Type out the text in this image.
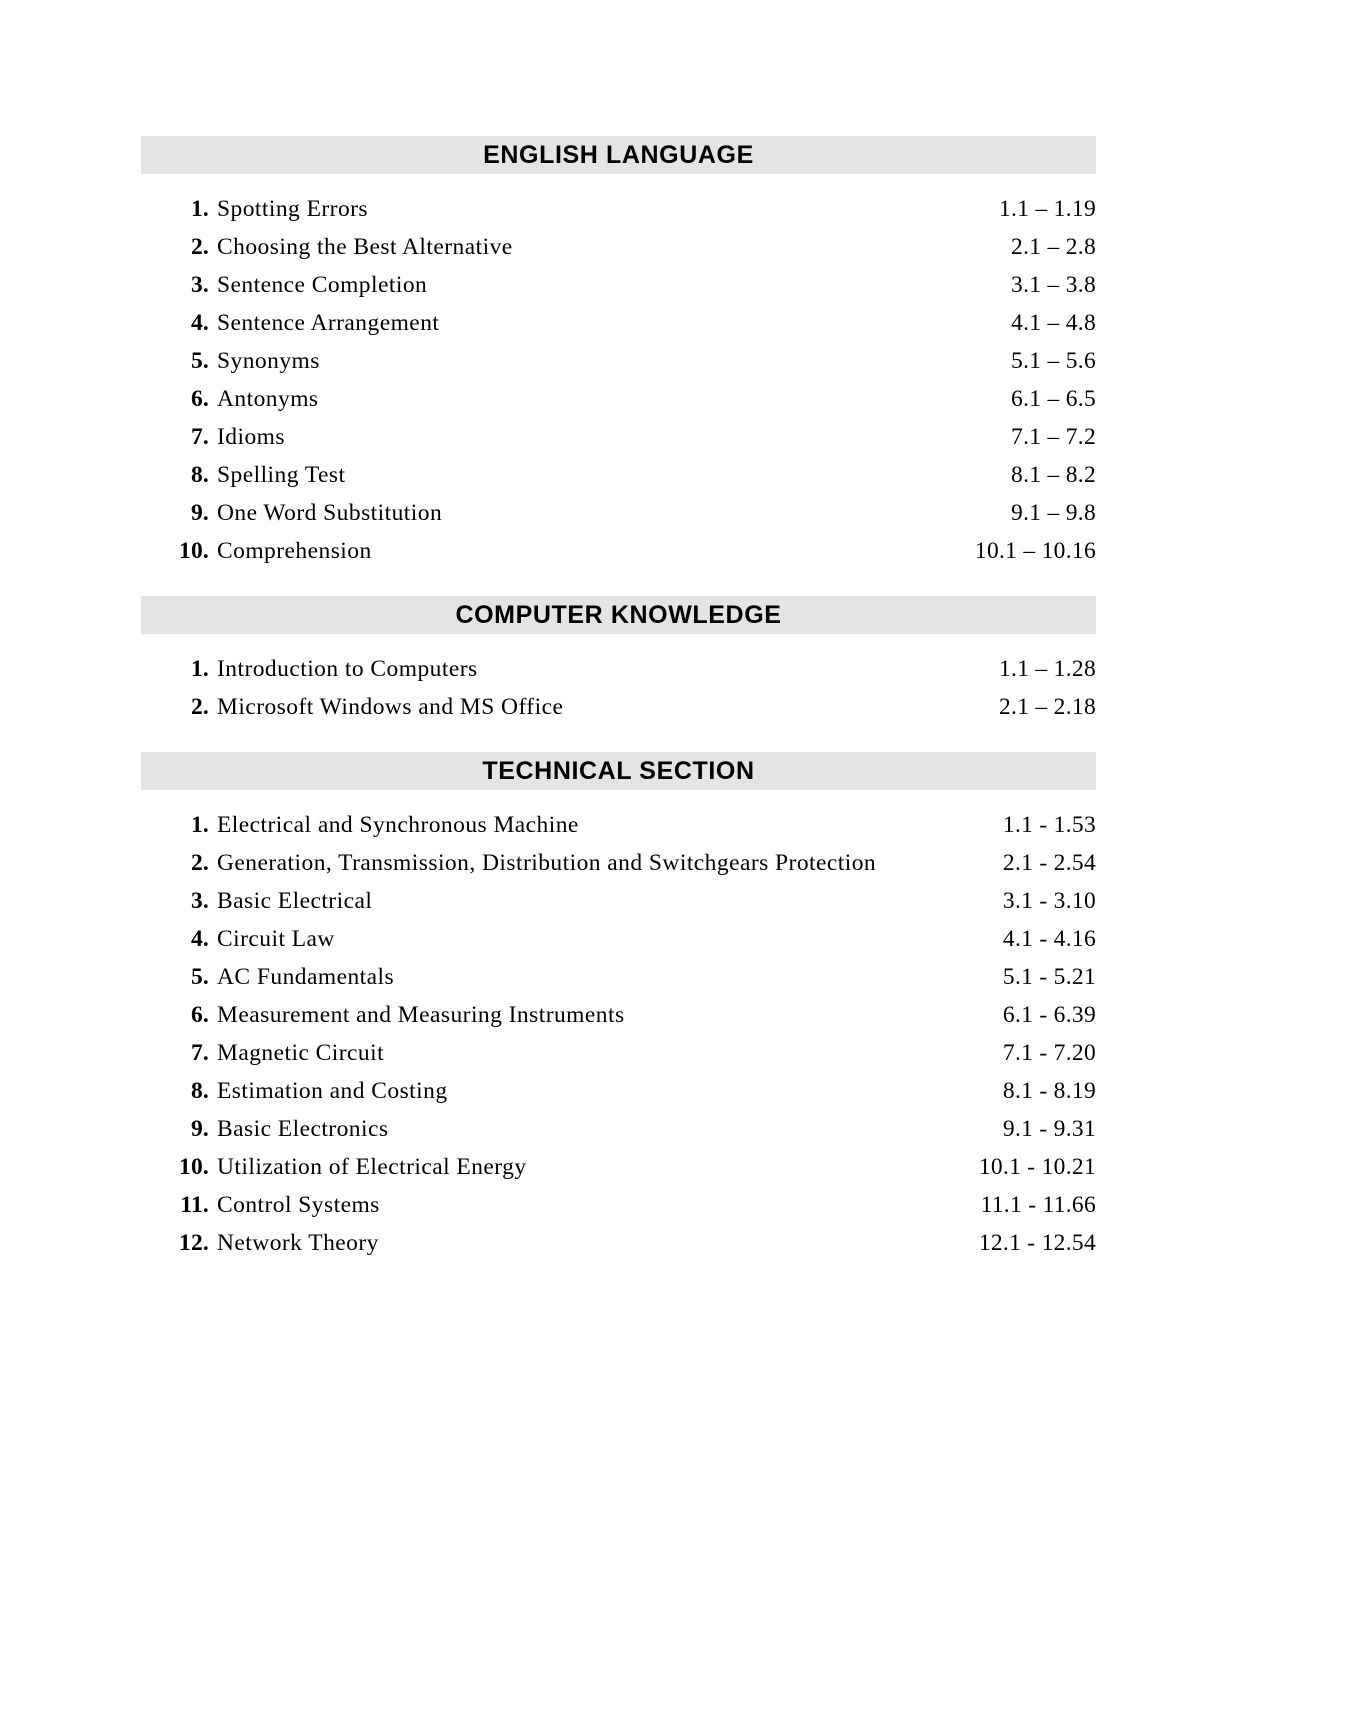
ENGLISH LANGUAGE
1. Spotting Errors	1.1 – 1.19
2. Choosing the Best Alternative	2.1 – 2.8
3. Sentence Completion	3.1 – 3.8
4. Sentence Arrangement	4.1 – 4.8
5. Synonyms	5.1 – 5.6
6. Antonyms	6.1 – 6.5
7. Idioms	7.1 – 7.2
8. Spelling Test	8.1 – 8.2
9. One Word Substitution	9.1 – 9.8
10. Comprehension	10.1 – 10.16
COMPUTER KNOWLEDGE
1. Introduction to Computers	1.1 – 1.28
2. Microsoft Windows and MS Office	2.1 – 2.18
TECHNICAL SECTION
1. Electrical and Synchronous Machine	1.1 - 1.53
2. Generation, Transmission, Distribution and Switchgears Protection	2.1 - 2.54
3. Basic Electrical	3.1 - 3.10
4. Circuit Law	4.1 - 4.16
5. AC Fundamentals	5.1 - 5.21
6. Measurement and Measuring Instruments	6.1 - 6.39
7. Magnetic Circuit	7.1 - 7.20
8. Estimation and Costing	8.1 - 8.19
9. Basic Electronics	9.1 - 9.31
10. Utilization of Electrical Energy	10.1 - 10.21
11. Control Systems	11.1 - 11.66
12. Network Theory	12.1 - 12.54
